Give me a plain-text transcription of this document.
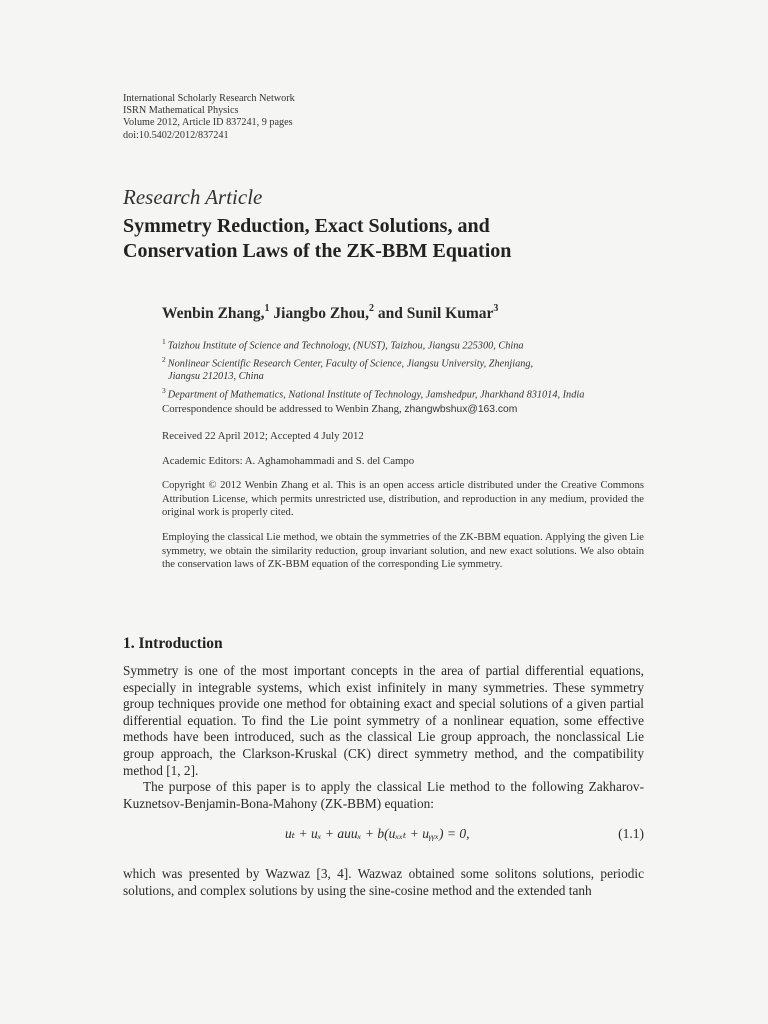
International Scholarly Research Network
ISRN Mathematical Physics
Volume 2012, Article ID 837241, 9 pages
doi:10.5402/2012/837241
Research Article
Symmetry Reduction, Exact Solutions, and
Conservation Laws of the ZK-BBM Equation
Wenbin Zhang,$^1$ Jiangbo Zhou,$^2$ and Sunil Kumar$^3$
$^1$ Taizhou Institute of Science and Technology, (NUST), Taizhou, Jiangsu 225300, China
$^2$ Nonlinear Scientific Research Center, Faculty of Science, Jiangsu University, Zhenjiang,
Jiangsu 212013, China
$^3$ Department of Mathematics, National Institute of Technology, Jamshedpur, Jharkhand 831014, India
Correspondence should be addressed to Wenbin Zhang, zhangwbshux@163.com
Received 22 April 2012; Accepted 4 July 2012
Academic Editors: A. Aghamohammadi and S. del Campo
Copyright © 2012 Wenbin Zhang et al. This is an open access article distributed under the Creative Commons Attribution License, which permits unrestricted use, distribution, and reproduction in any medium, provided the original work is properly cited.
Employing the classical Lie method, we obtain the symmetries of the ZK-BBM equation. Applying the given Lie symmetry, we obtain the similarity reduction, group invariant solution, and new exact solutions. We also obtain the conservation laws of ZK-BBM equation of the corresponding Lie symmetry.
1. Introduction

Symmetry is one of the most important concepts in the area of partial differential equations, especially in integrable systems, which exist infinitely in many symmetries. These symmetry group techniques provide one method for obtaining exact and special solutions of a given partial differential equation. To find the Lie point symmetry of a nonlinear equation, some effective methods have been introduced, such as the classical Lie group approach, the nonclassical Lie group approach, the Clarkson-Kruskal (CK) direct symmetry method, and the compatibility method [1, 2].

The purpose of this paper is to apply the classical Lie method to the following Zakharov-Kuznetsov-Benjamin-Bona-Mahony (ZK-BBM) equation:

uₜ + uₓ + auuₓ + b(uₓₓₜ + uᵧᵧₓ) = 0,	(1.1)

which was presented by Wazwaz [3, 4]. Wazwaz obtained some solitons solutions, periodic solutions, and complex solutions by using the sine-cosine method and the extended tanh
